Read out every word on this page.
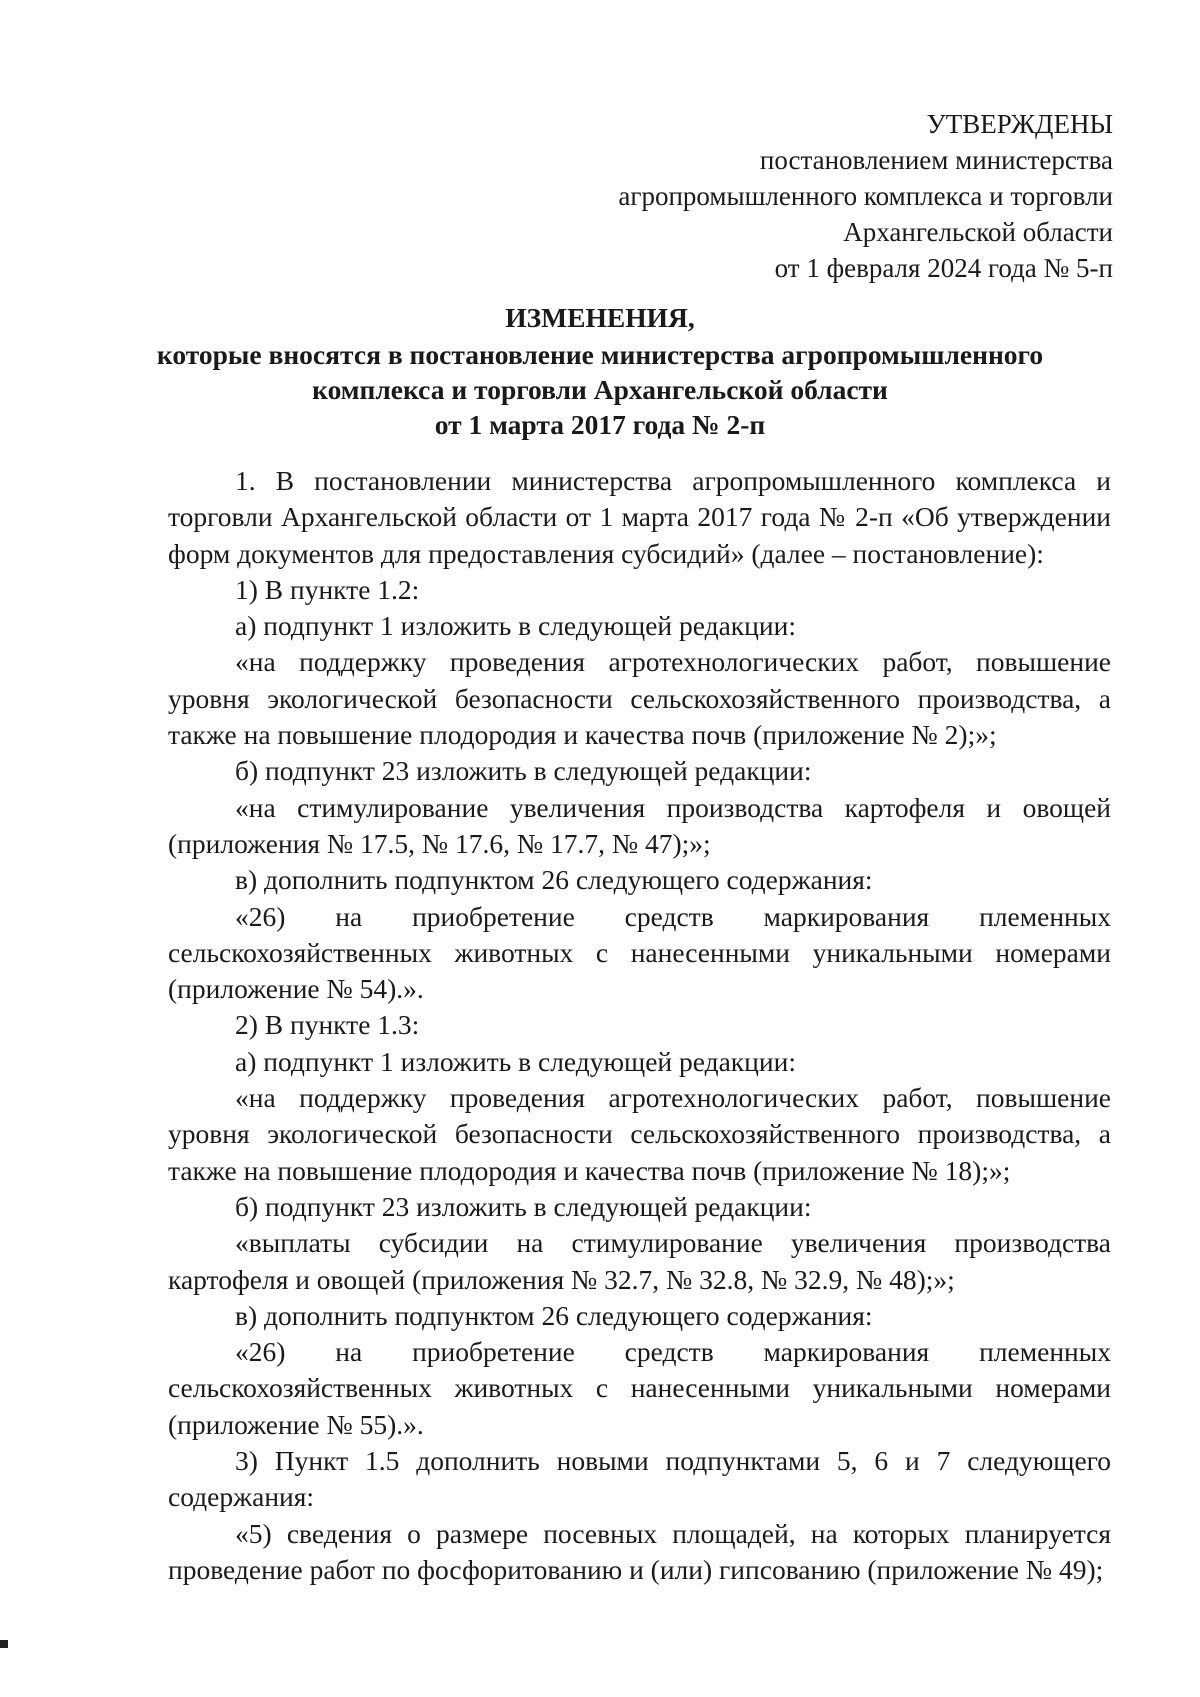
УТВЕРЖДЕНЫ
постановлением министерства
агропромышленного комплекса и торговли
Архангельской области
от 1 февраля 2024 года № 5-п
ИЗМЕНЕНИЯ,
которые вносятся в постановление министерства агропромышленного
комплекса и торговли Архангельской области
от 1 марта 2017 года № 2-п

1. В постановлении министерства агропромышленного комплекса и торговли Архангельской области от 1 марта 2017 года № 2-п «Об утверждении форм документов для предоставления субсидий» (далее – постановление):

1) В пункте 1.2:

а) подпункт 1 изложить в следующей редакции:

«на поддержку проведения агротехнологических работ, повышение уровня экологической безопасности сельскохозяйственного производства, а также на повышение плодородия и качества почв (приложение № 2);»;

б) подпункт 23 изложить в следующей редакции:

«на стимулирование увеличения производства картофеля и овощей (приложения № 17.5, № 17.6, № 17.7, № 47);»;

в) дополнить подпунктом 26 следующего содержания:

«26) на приобретение средств маркирования племенных сельскохозяйственных животных с нанесенными уникальными номерами (приложение № 54).».

2) В пункте 1.3:

а) подпункт 1 изложить в следующей редакции:

«на поддержку проведения агротехнологических работ, повышение уровня экологической безопасности сельскохозяйственного производства, а также на повышение плодородия и качества почв (приложение № 18);»;

б) подпункт 23 изложить в следующей редакции:

«выплаты субсидии на стимулирование увеличения производства картофеля и овощей (приложения № 32.7, № 32.8, № 32.9, № 48);»;

в) дополнить подпунктом 26 следующего содержания:

«26) на приобретение средств маркирования племенных сельскохозяйственных животных с нанесенными уникальными номерами (приложение № 55).».

3) Пункт 1.5 дополнить новыми подпунктами 5, 6 и 7 следующего содержания:

«5) сведения о размере посевных площадей, на которых планируется проведение работ по фосфоритованию и (или) гипсованию (приложение № 49);
